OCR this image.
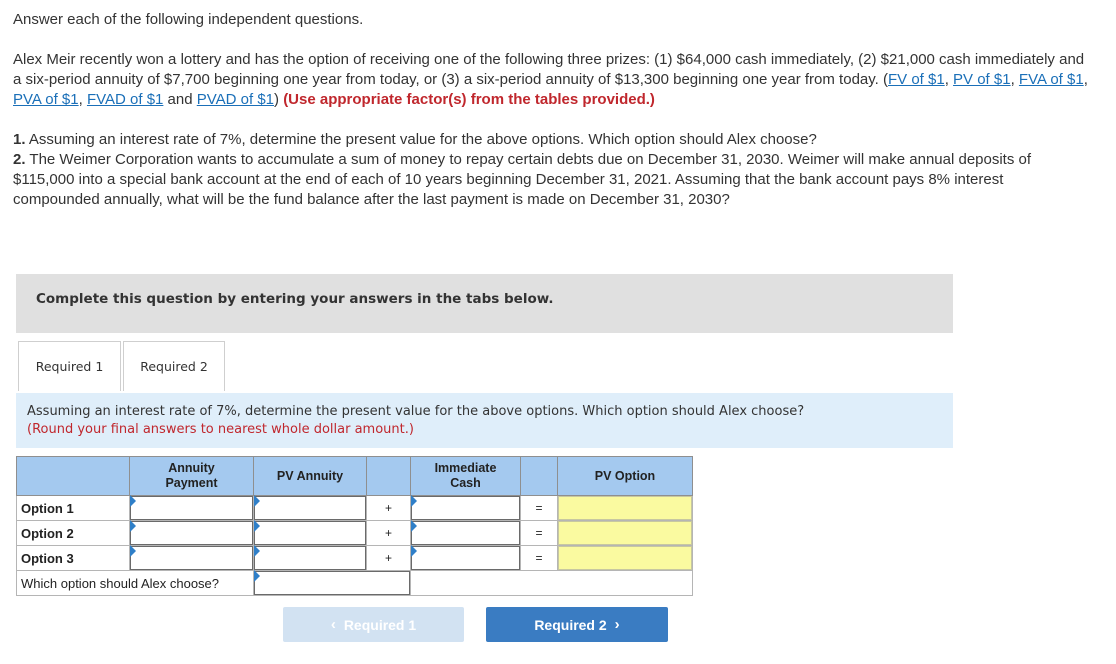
Answer each of the following independent questions.

Alex Meir recently won a lottery and has the option of receiving one of the following three prizes: (1) $64,000 cash immediately, (2) $21,000 cash immediately and a six-period annuity of $7,700 beginning one year from today, or (3) a six-period annuity of $13,300 beginning one year from today. (FV of $1, PV of $1, FVA of $1, PVA of $1, FVAD of $1 and PVAD of $1) (Use appropriate factor(s) from the tables provided.)

1. Assuming an interest rate of 7%, determine the present value for the above options. Which option should Alex choose?

2. The Weimer Corporation wants to accumulate a sum of money to repay certain debts due on December 31, 2030. Weimer will make annual deposits of $115,000 into a special bank account at the end of each of 10 years beginning December 31, 2021. Assuming that the bank account pays 8% interest compounded annually, what will be the fund balance after the last payment is made on December 31, 2030?

Complete this question by entering your answers in the tabs below.
Required 1	Required 2
Assuming an interest rate of 7%, determine the present value for the above options. Which option should Alex choose?
(Round your final answers to nearest whole dollar amount.)
	Annuity Payment	PV Annuity		Immediate Cash		PV Option
Option 1			+		=	
Option 2			+		=	
Option 3			+		=	
Which option should Alex choose?		
‹ Required 1	Required 2 ›
